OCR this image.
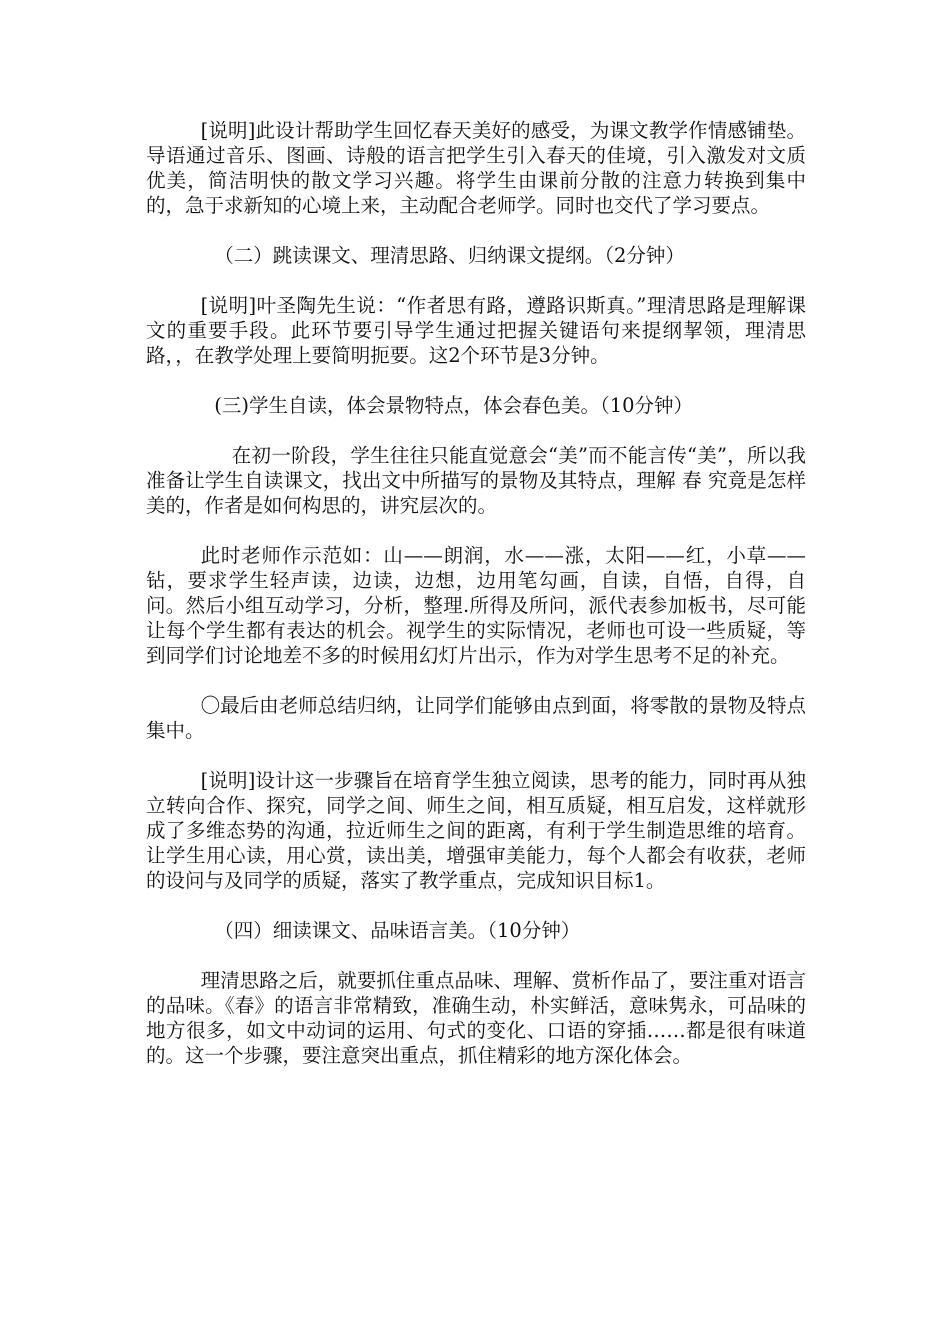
[说明]此设计帮助学生回忆春天美好的感受，为课文教学作情感铺垫。导语通过音乐、图画、诗般的语言把学生引入春天的佳境，引入激发对文质优美，简洁明快的散文学习兴趣。将学生由课前分散的注意力转换到集中的，急于求新知的心境上来，主动配合老师学。同时也交代了学习要点。

（二）跳读课文、理清思路、归纳课文提纲。（2分钟）

[说明]叶圣陶先生说：“作者思有路，遵路识斯真。”理清思路是理解课文的重要手段。此环节要引导学生通过把握关键语句来提纲挈领，理清思路，，在教学处理上要简明扼要。这2个环节是3分钟。

(三)学生自读，体会景物特点，体会春色美。（10分钟）

在初一阶段，学生往往只能直觉意会“美”而不能言传“美”，所以我准备让学生自读课文，找出文中所描写的景物及其特点，理解 春 究竟是怎样美的，作者是如何构思的，讲究层次的。

此时老师作示范如：山——朗润，水——涨，太阳——红，小草——钻，要求学生轻声读，边读，边想，边用笔勾画，自读，自悟，自得，自问。然后小组互动学习，分析，整理.所得及所问，派代表参加板书，尽可能让每个学生都有表达的机会。视学生的实际情况，老师也可设一些质疑，等到同学们讨论地差不多的时候用幻灯片出示，作为对学生思考不足的补充。

〇最后由老师总结归纳，让同学们能够由点到面，将零散的景物及特点集中。

[说明]设计这一步骤旨在培育学生独立阅读，思考的能力，同时再从独立转向合作、探究，同学之间、师生之间，相互质疑，相互启发，这样就形成了多维态势的沟通，拉近师生之间的距离，有利于学生制造思维的培育。让学生用心读，用心赏，读出美，增强审美能力，每个人都会有收获，老师的设问与及同学的质疑，落实了教学重点，完成知识目标1。

（四）细读课文、品味语言美。（10分钟）

理清思路之后，就要抓住重点品味、理解、赏析作品了，要注重对语言的品味。《春》的语言非常精致，准确生动，朴实鲜活，意味隽永，可品味的地方很多，如文中动词的运用、句式的变化、口语的穿插……都是很有味道的。这一个步骤，要注意突出重点，抓住精彩的地方深化体会。
